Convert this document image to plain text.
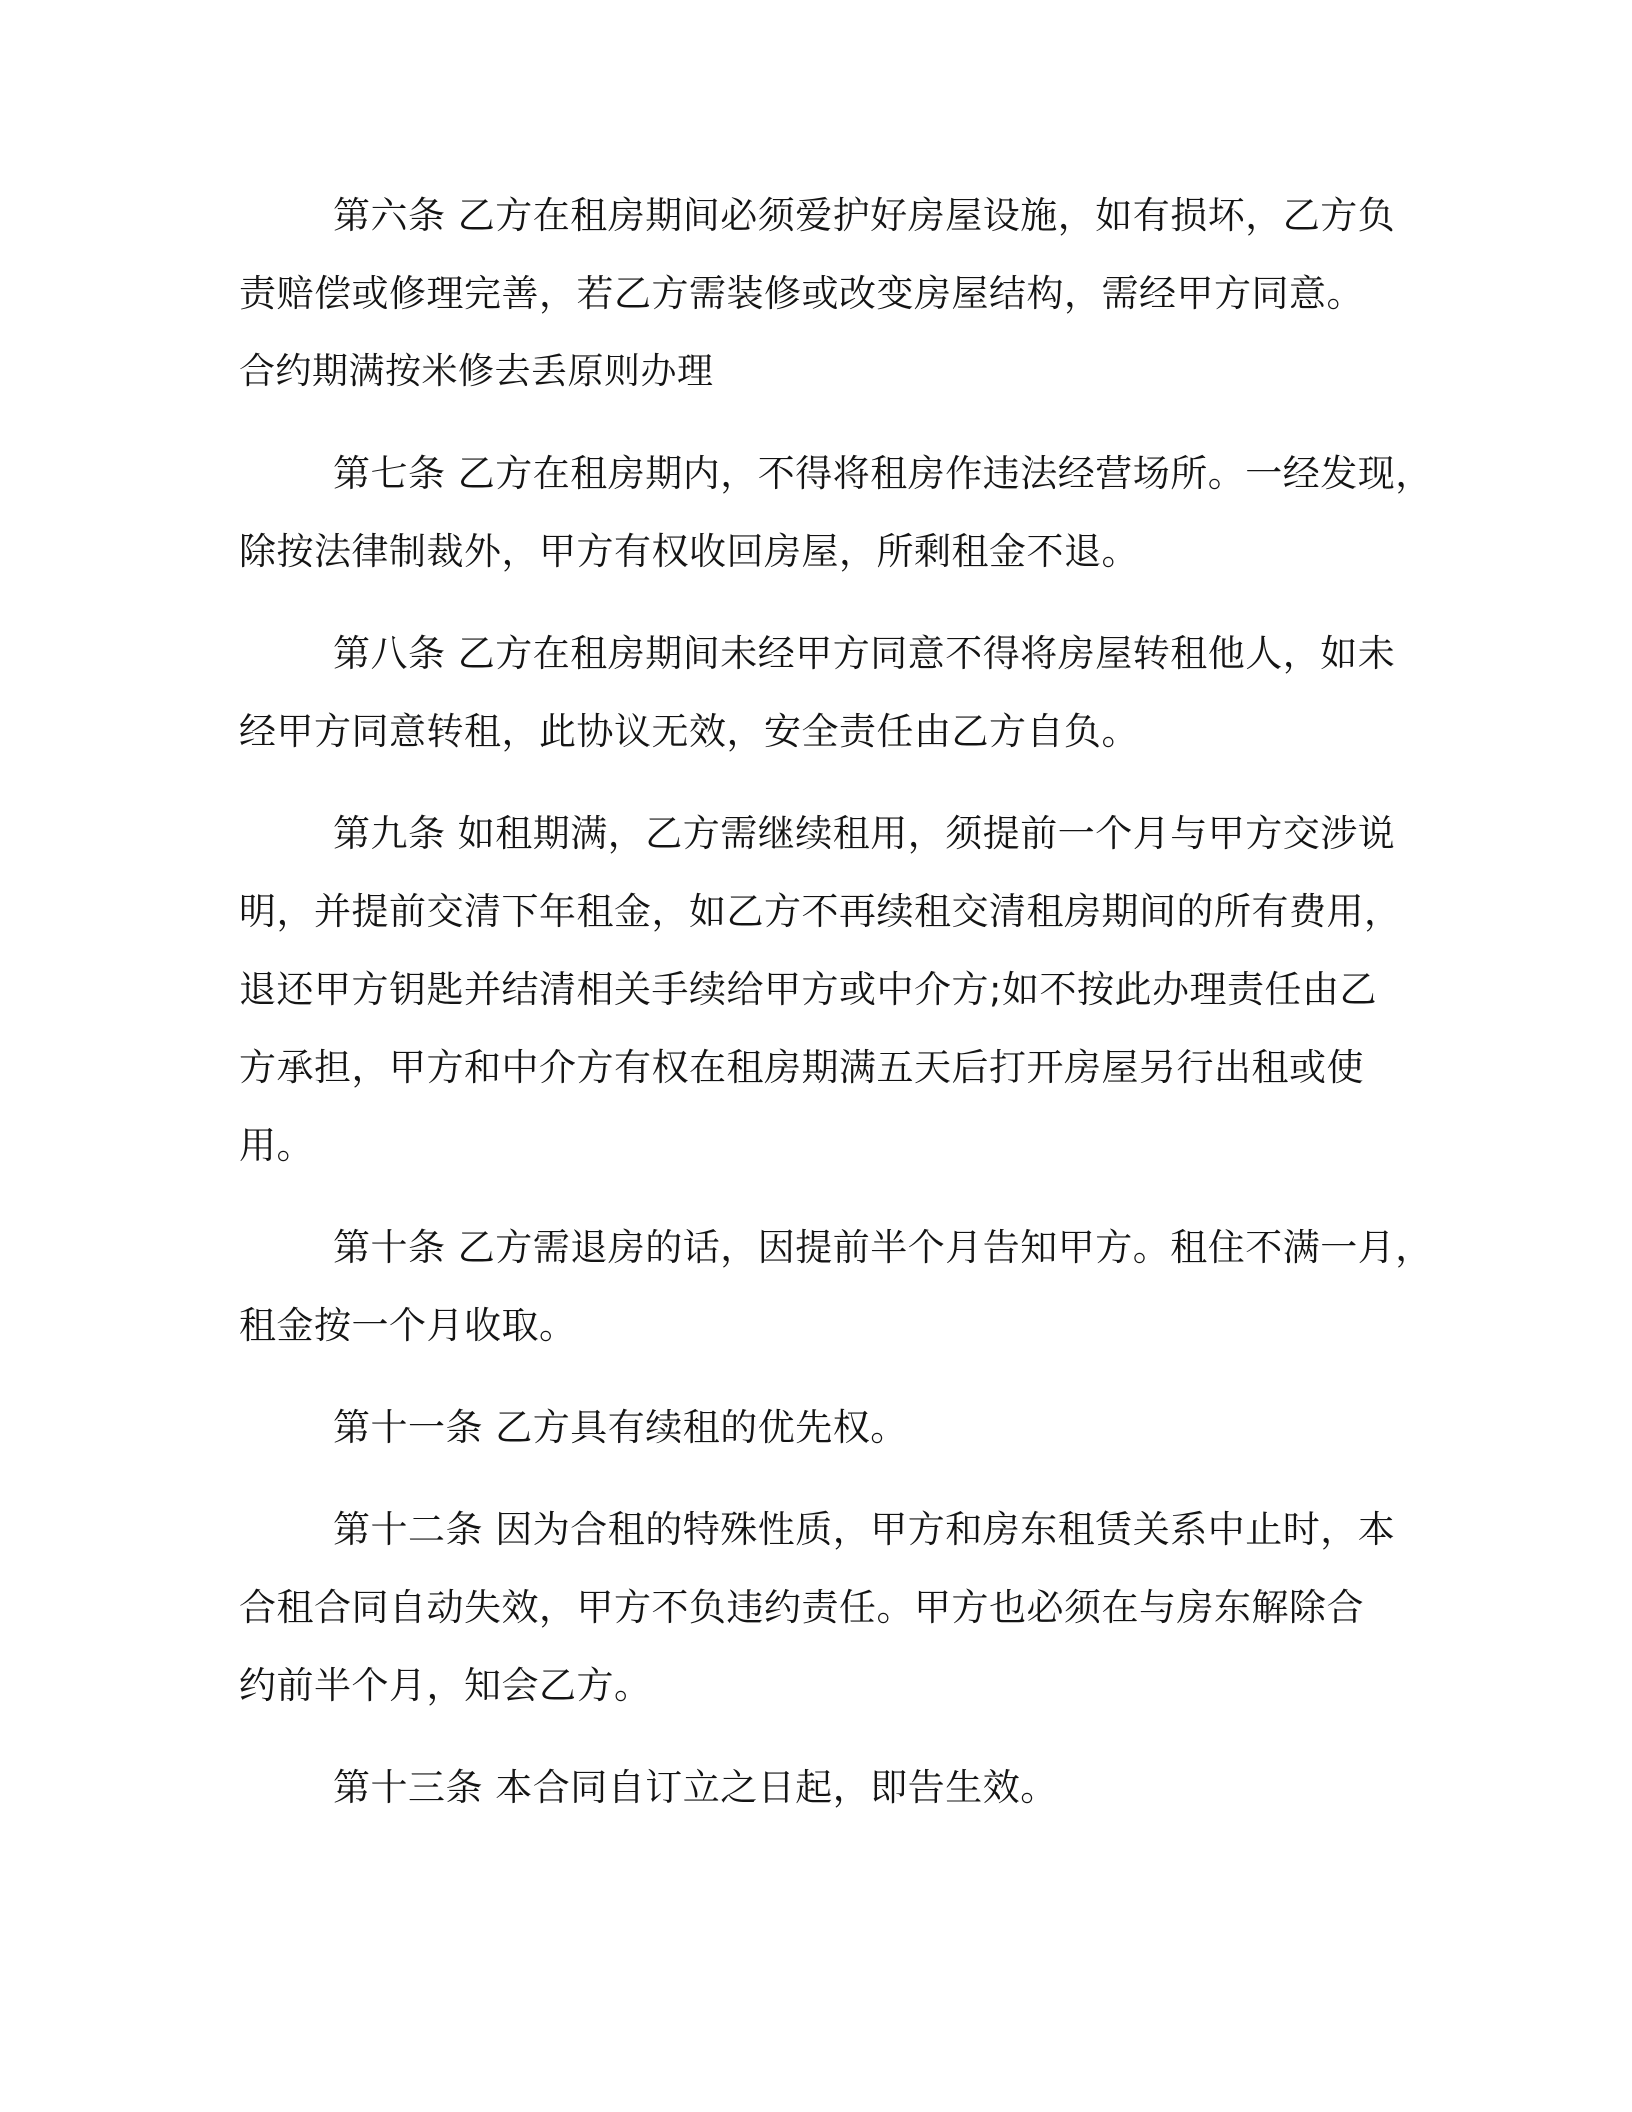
第六条 乙方在租房期间必须爱护好房屋设施，如有损坏，乙方负

责赔偿或修理完善，若乙方需装修或改变房屋结构，需经甲方同意。

合约期满按米修去丢原则办理

第七条 乙方在租房期内，不得将租房作违法经营场所。一经发现，

除按法律制裁外，甲方有权收回房屋，所剩租金不退。

第八条 乙方在租房期间未经甲方同意不得将房屋转租他人，如未

经甲方同意转租，此协议无效，安全责任由乙方自负。

第九条 如租期满，乙方需继续租用，须提前一个月与甲方交涉说

明，并提前交清下年租金，如乙方不再续租交清租房期间的所有费用，

退还甲方钥匙并结清相关手续给甲方或中介方;如不按此办理责任由乙

方承担，甲方和中介方有权在租房期满五天后打开房屋另行出租或使

用。

第十条 乙方需退房的话，因提前半个月告知甲方。租住不满一月，

租金按一个月收取。

第十一条 乙方具有续租的优先权。

第十二条 因为合租的特殊性质，甲方和房东租赁关系中止时，本

合租合同自动失效，甲方不负违约责任。甲方也必须在与房东解除合

约前半个月，知会乙方。

第十三条 本合同自订立之日起，即告生效。
